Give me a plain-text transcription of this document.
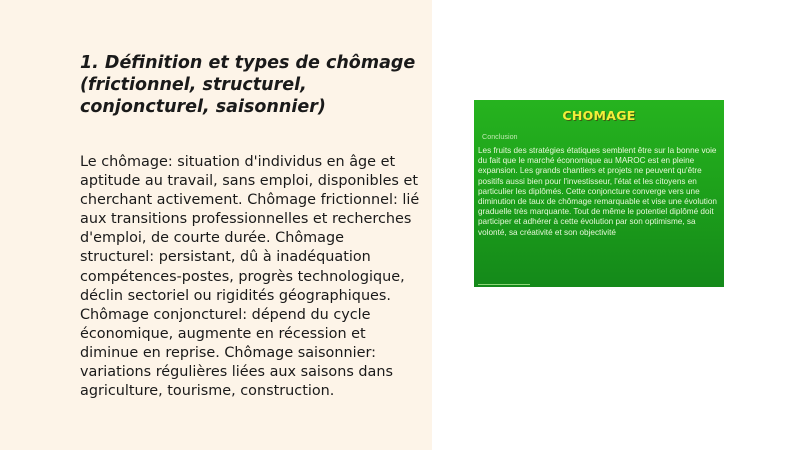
1. Définition et types de chômage (frictionnel, structurel, conjoncturel, saisonnier)

Le chômage: situation d'individus en âge et aptitude au travail, sans emploi, disponibles et cherchant activement. Chômage frictionnel: lié aux transitions professionnelles et recherches d'emploi, de courte durée. Chômage structurel: persistant, dû à inadéquation compétences-postes, progrès technologique, déclin sectoriel ou rigidités géographiques. Chômage conjoncturel: dépend du cycle économique, augmente en récession et diminue en reprise. Chômage saisonnier: variations régulières liées aux saisons dans agriculture, tourisme, construction.

CHOMAGE
Conclusion

Les fruits des stratégies étatiques semblent être sur la bonne voie du fait que le marché économique au MAROC est en pleine expansion. Les grands chantiers et projets ne peuvent qu'être positifs aussi bien pour l'investisseur, l'état et les citoyens en particulier les diplômés. Cette conjoncture converge vers une diminution de taux de chômage remarquable et vise une évolution graduelle très marquante. Tout de même le potentiel diplômé doit participer et adhérer à cette évolution par son optimisme, sa volonté, sa créativité et son objectivité
